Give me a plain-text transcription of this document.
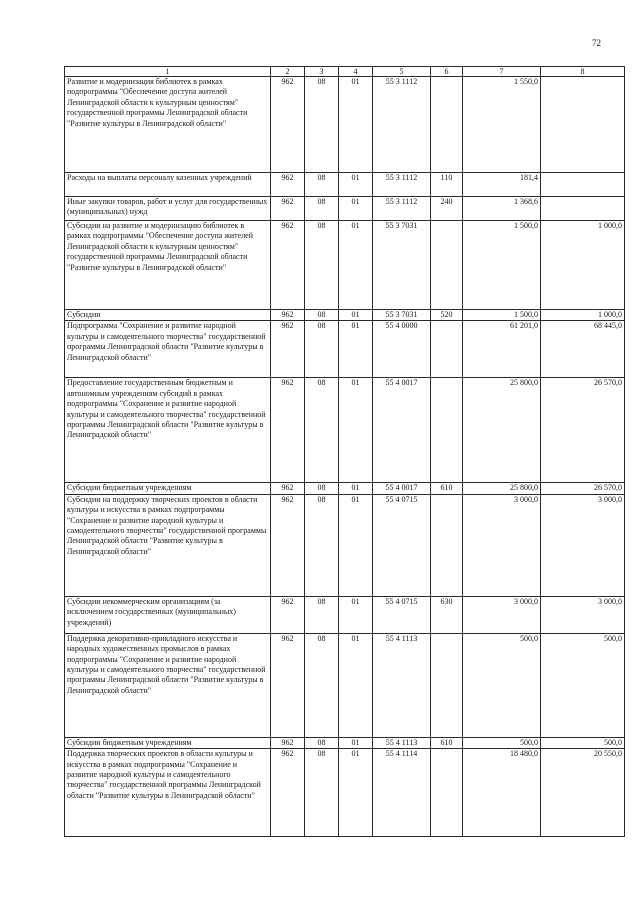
72
1	2	3	4	5	6	7	8
Развитие и модернизация библиотек в рамках подпрограммы "Обеспечение доступа жителей Ленинградской области к культурным ценностям" государственной программы Ленинградской области "Развитие культуры в Ленинградской области"	962	08	01	55 3 1112		1 550,0	
Расходы на выплаты персоналу казенных учреждений	962	08	01	55 3 1112	110	181,4	
Иные закупки товаров, работ и услуг для государственных (муниципальных) нужд	962	08	01	55 3 1112	240	1 368,6	
Субсидии на развитие и модернизацию библиотек в рамках подпрограммы "Обеспечение доступа жителей Ленинградской области к культурным ценностям" государственной программы Ленинградской области "Развитие культуры в Ленинградской области"	962	08	01	55 3 7031		1 500,0	1 000,0
Субсидии	962	08	01	55 3 7031	520	1 500,0	1 000,0
Подпрограмма "Сохранение и развитие народной культуры и самодеятельного творчества" государственной программы Ленинградской области "Развитие культуры в Ленинградской области"	962	08	01	55 4 0000		61 201,0	68 445,0
Предоставление государственным бюджетным и автономным учреждениям субсидий в рамках подпрограммы "Сохранение и развитие народной культуры и самодеятельного творчества" государственной программы Ленинградской области "Развитие культуры в Ленинградской области"	962	08	01	55 4 0017		25 800,0	26 570,0
Субсидии бюджетным учреждениям	962	08	01	55 4 0017	610	25 800,0	26 570,0
Субсидии на поддержку творческих проектов в области культуры и искусства в рамках подпрограммы "Сохранение и развитие народной культуры и самодеятельного творчества" государственной программы Ленинградской области "Развитие культуры в Ленинградской области"	962	08	01	55 4 0715		3 000,0	3 000,0
Субсидии некоммерческим организациям (за исключением государственных (муниципальных) учреждений)	962	08	01	55 4 0715	630	3 000,0	3 000,0
Поддержка декоративно-прикладного искусства и народных художественных промыслов в рамках подпрограммы "Сохранение и развитие народной культуры и самодеятельного творчества" государственной программы Ленинградской области "Развитие культуры в Ленинградской области"	962	08	01	55 4 1113		500,0	500,0
Субсидии бюджетным учреждениям	962	08	01	55 4 1113	610	500,0	500,0
Поддержка творческих проектов в области культуры и искусства в рамках подпрограммы "Сохранение и развитие народной культуры и самодеятельного творчества" государственной программы Ленинградской области "Развитие культуры в Ленинградской области"	962	08	01	55 4 1114		18 480,0	20 550,0
